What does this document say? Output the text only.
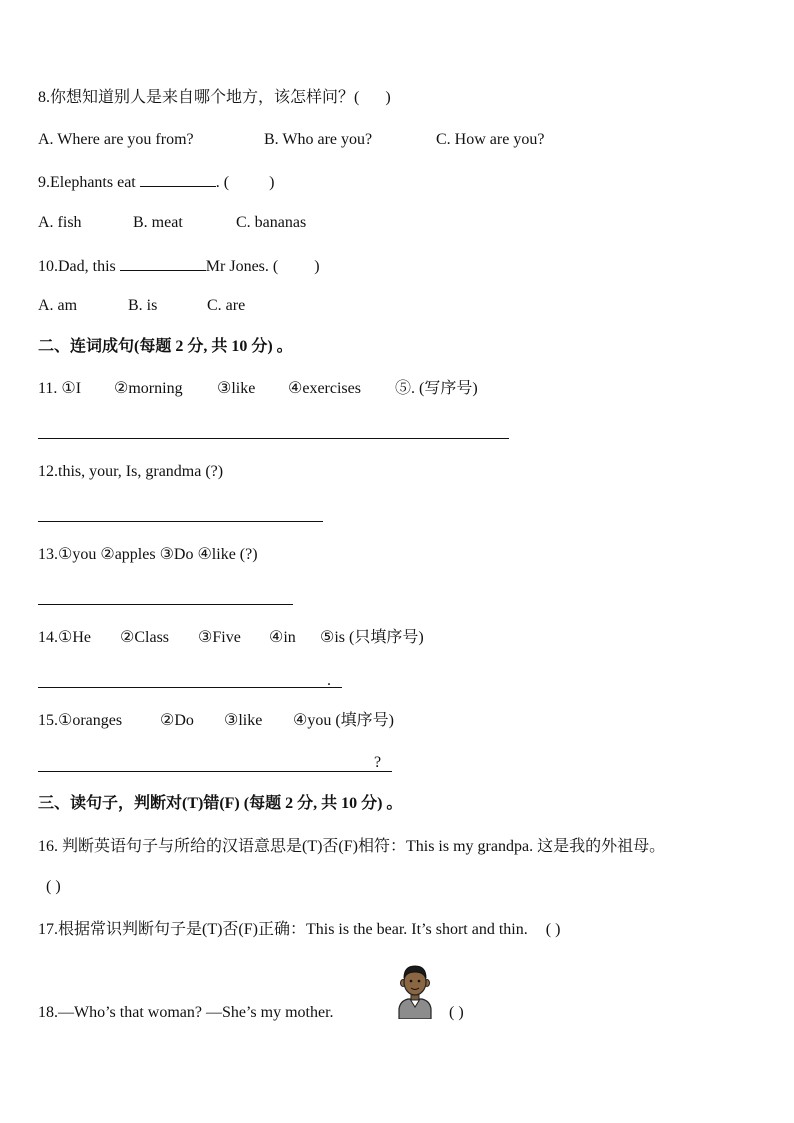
8.你想知道别人是来自哪个地方，该怎样问？( )
A. Where are you from?	B. Who are you?	C. How are you?
9.Elephants eat	. (	)
A. fish	B. meat	C. bananas
10.Dad, this	Mr Jones. ( )
A. am	B. is	C. are
二、连词成句(每题 2 分, 共 10 分) 。
11. ①I ②morning ③like ④exercises ⑤. (写序号)
12.this, your, Is, grandma (?)
13.①you ②apples ③Do ④like (?)
14.①He ②Class ③Five ④in ⑤is (只填序号)
.
15.①oranges ②Do ③like ④you (填序号)
?
三、读句子，判断对(T)错(F) (每题 2 分, 共 10 分) 。
16. 判断英语句子与所给的汉语意思是(T)否(F)相符：This is my grandpa. 这是我的外祖母。
( )
17.根据常识判断句子是(T)否(F)正确：This is the bear. It’s short and thin. ( )
18.—Who’s that woman? —She’s my mother.	( )
